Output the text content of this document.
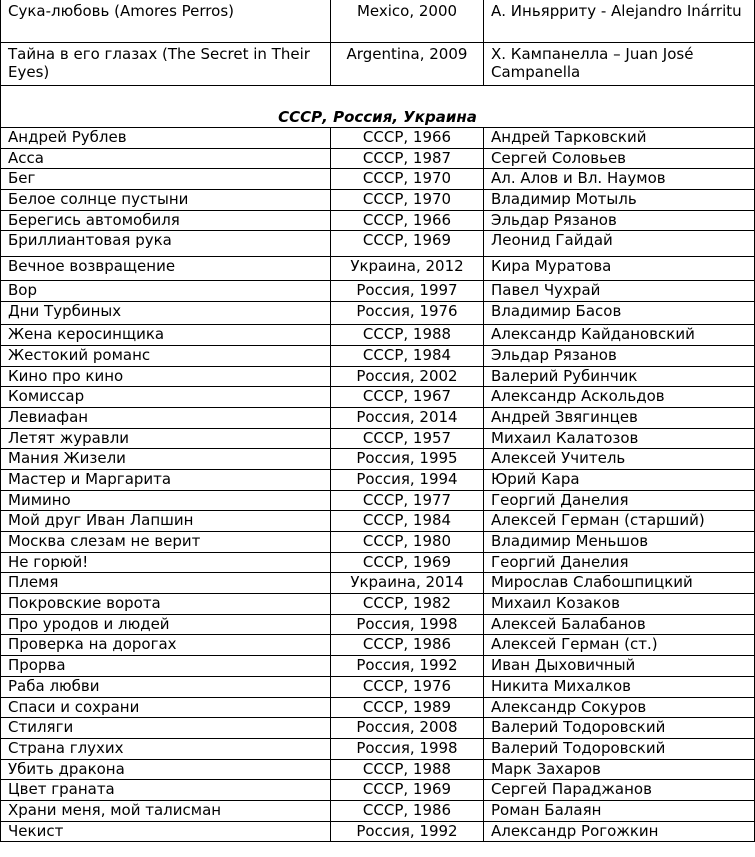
Сука-любовь (Amores Perros)	Mexico, 2000	А. Иньярриту - Alejandro Inárritu
Тайна в его глазах (The Secret in Their Eyes)	Argentina, 2009	Х. Кампанелла – Juan José Campanella
СССР, Россия, Украина		
Андрей Рублев	СССР, 1966	Андрей Тарковский
Асса	СССР, 1987	Сергей Соловьев
Бег	СССР, 1970	Ал. Алов и Вл. Наумов
Белое солнце пустыни	СССР, 1970	Владимир Мотыль
Берегись автомобиля	СССР, 1966	Эльдар Рязанов
Бриллиантовая рука	СССР, 1969	Леонид Гайдай
Вечное возвращение	Украина, 2012	Кира Муратова
Вор	Россия, 1997	Павел Чухрай
Дни Турбиных	Россия, 1976	Владимир Басов
Жена керосинщика	СССР, 1988	Александр Кайдановский
Жестокий романс	СССР, 1984	Эльдар Рязанов
Кино про кино	Россия, 2002	Валерий Рубинчик
Комиссар	СССР, 1967	Александр Аскольдов
Левиафан	Россия, 2014	Андрей Звягинцев
Летят журавли	СССР, 1957	Михаил Калатозов
Мания Жизели	Россия, 1995	Алексей Учитель
Мастер и Маргарита	Россия, 1994	Юрий Кара
Мимино	СССР, 1977	Георгий Данелия
Мой друг Иван Лапшин	СССР, 1984	Алексей Герман (старший)
Москва слезам не верит	СССР, 1980	Владимир Меньшов
Не горюй!	СССР, 1969	Георгий Данелия
Племя	Украина, 2014	Мирослав Слабошпицкий
Покровские ворота	СССР, 1982	Михаил Козаков
Про уродов и людей	Россия, 1998	Алексей Балабанов
Проверка на дорогах	СССР, 1986	Алексей Герман (ст.)
Прорва	Россия, 1992	Иван Дыховичный
Раба любви	СССР, 1976	Никита Михалков
Спаси и сохрани	СССР, 1989	Александр Сокуров
Стиляги	Россия, 2008	Валерий Тодоровский
Страна глухих	Россия, 1998	Валерий Тодоровский
Убить дракона	СССР, 1988	Марк Захаров
Цвет граната	СССР, 1969	Сергей Параджанов
Храни меня, мой талисман	СССР, 1986	Роман Балаян
Чекист	Россия, 1992	Александр Рогожкин
